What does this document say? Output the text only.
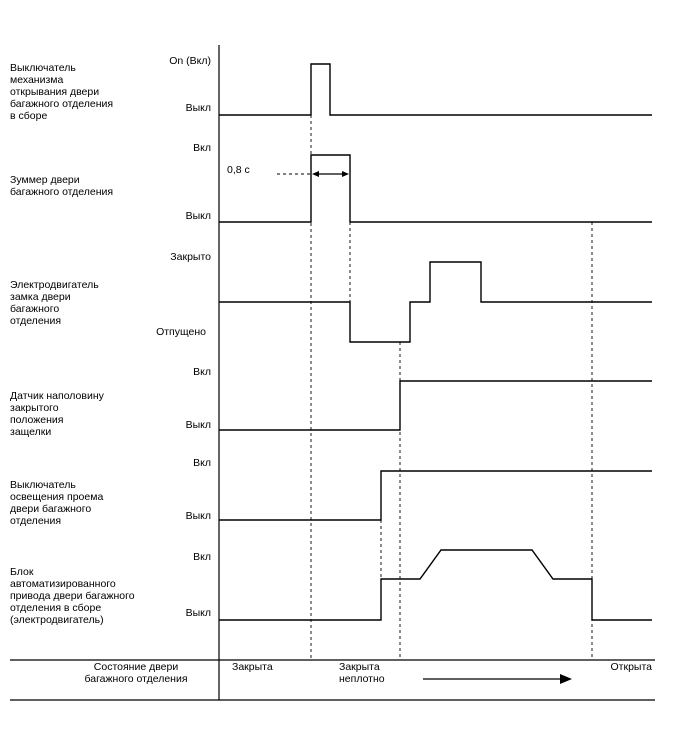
Выключатель механизма открывания двери багажного отделения в сборе
On (Вкл)
Выкл
Зуммер двери багажного отделения
Вкл
Выкл
0,8 с
Электродвигатель замка двери багажного отделения
Закрыто
Отпущено
Датчик наполовину закрытого положения защелки
Вкл
Выкл
Выключатель освещения проема двери багажного отделения
Вкл
Выкл
Блок автоматизированного привода двери багажного отделения в сборе (электродвигатель)
Вкл
Выкл
Состояние двери багажного отделения
Закрыта	Закрыта неплотно
Открыта
